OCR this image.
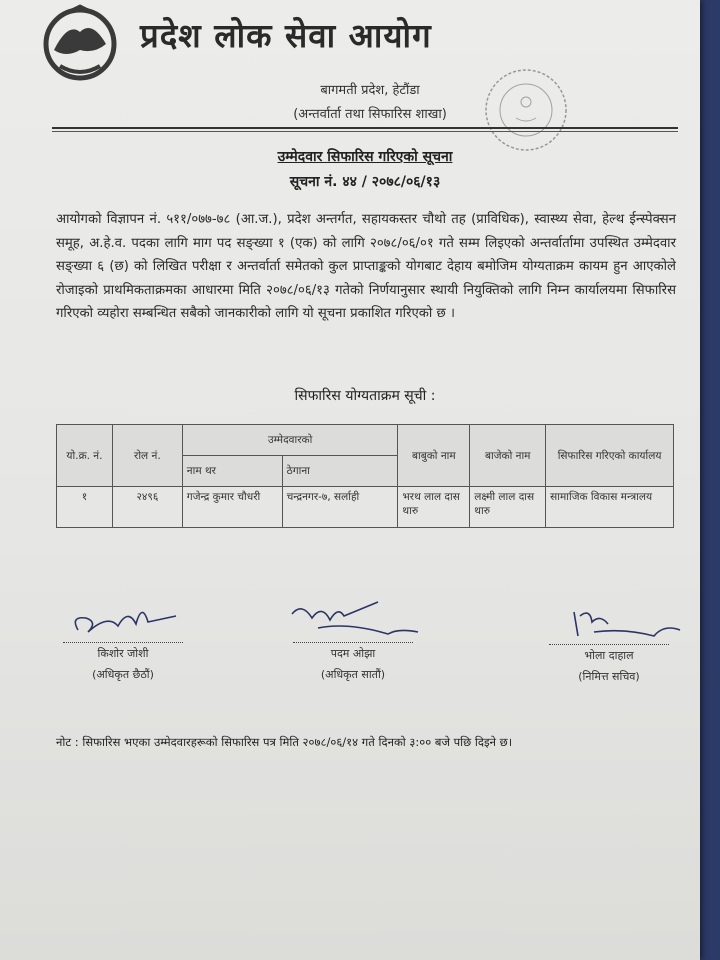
प्रदेश लोक सेवा आयोग
बागमती प्रदेश, हेटौंडा
(अन्तर्वार्ता तथा सिफारिस शाखा)
उम्मेदवार सिफारिस गरिएको सूचना
सूचना नं. ४४ / २०७८/०६/१३
आयोगको विज्ञापन नं. ५११/०७७-७८ (आ.ज.), प्रदेश अन्तर्गत, सहायकस्तर चौथो तह (प्राविधिक), स्वास्थ्य सेवा, हेल्थ ईन्स्पेक्सन समूह, अ.हे.व. पदका लागि माग पद सङ्ख्या १ (एक) को लागि २०७८/०६/०१ गते सम्म लिइएको अन्तर्वार्तामा उपस्थित उम्मेदवार सङ्ख्या ६ (छ) को लिखित परीक्षा र अन्तर्वार्ता समेतको कुल प्राप्ताङ्कको योगबाट देहाय बमोजिम योग्यताक्रम कायम हुन आएकोले रोजाइको प्राथमिकताक्रमका आधारमा मिति २०७८/०६/१३ गतेको निर्णयानुसार स्थायी नियुक्तिको लागि निम्न कार्यालयमा सिफारिस गरिएको व्यहोरा सम्बन्धित सबैको जानकारीको लागि यो सूचना प्रकाशित गरिएको छ ।
सिफारिस योग्यताक्रम सूची :
यो.क्र. नं.	रोल नं.	उम्मेदवारको		बाबुको नाम	बाजेको नाम	सिफारिस गरिएको कार्यालय
		नाम थर	ठेगाना			
१	२४९६	गजेन्द्र कुमार चौधरी	चन्द्रनगर-७, सर्लाही	भरथ लाल दास थारु	लक्ष्मी लाल दास थारु	सामाजिक विकास मन्त्रालय
किशोर जोशी
(अधिकृत छैठौं)
पदम ओझा
(अधिकृत सातौं)
भोला दाहाल
(निमित्त सचिव)
नोट : सिफारिस भएका उम्मेदवारहरूको सिफारिस पत्र मिति २०७८/०६/१४ गते दिनको ३:०० बजे पछि दिइने छ।
